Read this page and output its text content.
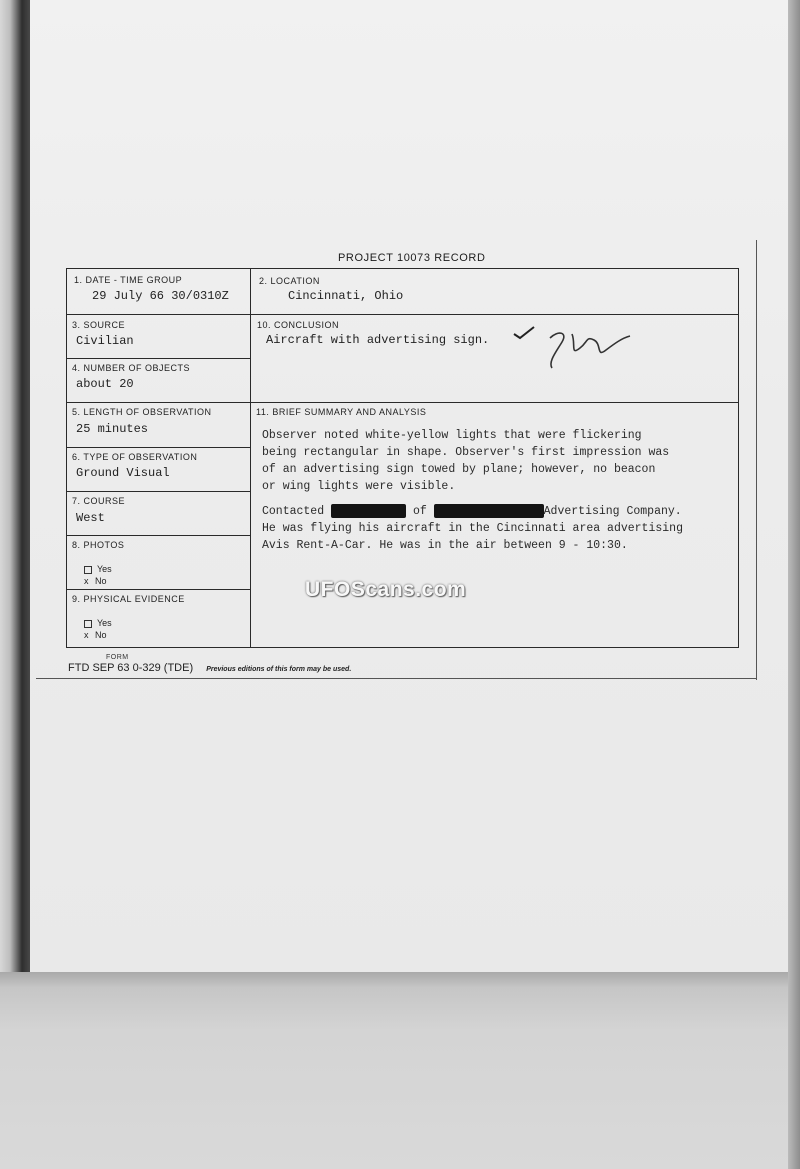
PROJECT 10073 RECORD
1. DATE - TIME GROUP
29 July 66 30/0310Z
2. LOCATION
Cincinnati, Ohio
3. SOURCE
Civilian
10. CONCLUSION
Aircraft with advertising sign.
4. NUMBER OF OBJECTS
about 20
5. LENGTH OF OBSERVATION
25 minutes
11. BRIEF SUMMARY AND ANALYSIS
Observer noted white-yellow lights that were flickering
being rectangular in shape. Observer's first impression was
of an advertising sign towed by plane; however, no beacon
or wing lights were visible.
Contacted	of	Advertising Company.
He was flying his aircraft in the Cincinnati area advertising
Avis Rent-A-Car. He was in the air between 9 - 10:30.
6. TYPE OF OBSERVATION
Ground Visual
7. COURSE
West
8. PHOTOS
Yes
x No
9. PHYSICAL EVIDENCE
Yes
x No
UFOScans.com
FORM
FTD SEP 63 0-329 (TDE) Previous editions of this form may be used.
